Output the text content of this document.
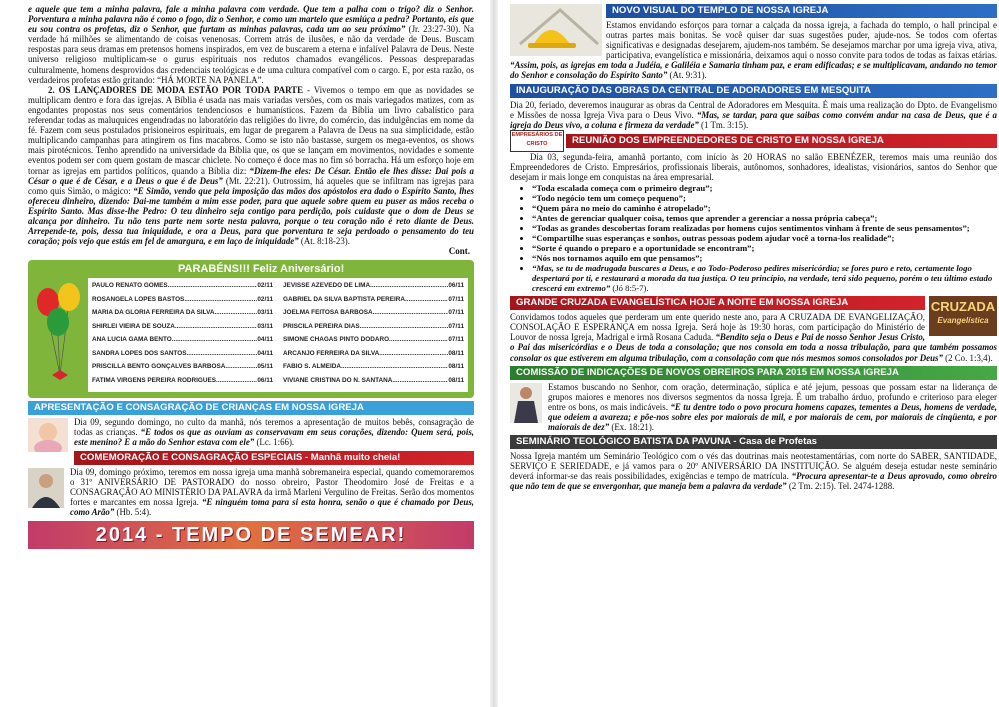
e aquele que tem a minha palavra, fale a minha palavra com verdade. Que tem a palha com o trigo? diz o Senhor. Porventura a minha palavra não é como o fogo, diz o Senhor, e como um martelo que esmiúça a pedra? Portanto, eis que eu sou contra os profetas, diz o Senhor, que furtam as minhas palavras, cada um ao seu próximo” (Jr. 23:27-30). Na verdade há milhões se alimentando de coisas venenosas. Correm atrás de ilusões, e não da verdade de Deus. Buscam respostas para seus dramas em pretensos homens inspirados, em vez de buscarem a eterna e infalível Palavra de Deus. Neste universo religioso multiplicam-se o gurus espirituais nos redutos chamados evangélicos. Pessoas despreparadas culturalmente, homens desprovidos das credenciais teológicas e de uma cultura compatível com o cargo. E, por esta razão, os verdadeiros profetas estão gritando: “HÁ MORTE NA PANELA”.
2. OS LANÇADORES DE MODA ESTÃO POR TODA PARTE - Vivemos o tempo em que as novidades se multiplicam dentro e fora das igrejas. A Bíblia é usada nas mais variadas versões, com os mais variegados matizes, com as engodantes propostas nos seus comentários tendenciosos e humanísticos. Fazem da Bíblia um livro cabalístico para referendar todas as maluquices engendradas no laboratório das religiões do livre, do comércio, das indulgências em nome da fé. Fazem com seus postulados prisioneiros espirituais, em lugar de pregarem a Palavra de Deus na sua simplicidade, estão multiplicando campanhas para atingirem os fins macabros. Como se isto não bastasse, surgem os mega-eventos, os shows mais pirotécnicos. Tenho aprendido na universidade da Bíblia que, os que se lançam em movimentos, novidades e somente eventos podem ser com quem gostam de mascar chiclete. No começo é doce mas no fim só borracha. Há um esforço hoje em tornar as igrejas em partidos políticos, quando a Bíblia diz: “Dizem-lhe eles: De César. Então ele lhes disse: Dai pois a César o que é de César, e a Deus o que é de Deus” (Mt. 22:21). Outrossim, há aqueles que se infiltram nas igrejas para como quis Simão, o mágico: “E Simão, vendo que pela imposição das mãos dos apóstolos era dado o Espírito Santo, lhes ofereceu dinheiro, dizendo: Dai-me também a mim esse poder, para que aquele sobre quem eu puser as mãos receba o Espírito Santo. Mas disse-lhe Pedro: O teu dinheiro seja contigo para perdição, pois cuidaste que o dom de Deus se alcança por dinheiro. Tu não tens parte nem sorte nesta palavra, porque o teu coração não é reto diante de Deus. Arrepende-te, pois, dessa tua iniquidade, e ora a Deus, para que porventura te seja perdoado o pensamento do teu coração; pois vejo que estás em fel de amargura, e em laço de iniquidade” (At. 8:18-23).
Cont.
PARABÉNS!!! Feliz Aniversário!
PAULO RENATO GOMES .....	02/11 JEVISSE AZEVEDO DE LIMA .....	06/11
ROSANGELA LOPES BASTOS .....	02/11 GABRIEL DA SILVA BAPTISTA PEREIRA .....	07/11
MARIA DA GLORIA FERREIRA DA SILVA .....	03/11 JOELMA FEITOSA BARBOSA .....	07/11
SHIRLEI VIEIRA DE SOUZA .....	03/11 PRISCILA PEREIRA DIAS .....	07/11
ANA LUCIA GAMA BENTO .....	04/11 SIMONE CHAGAS PINTO DODARO .....	07/11
SANDRA LOPES DOS SANTOS .....	04/11 ARCANJO FERREIRA DA SILVA .....	08/11
PRISCILLA BENTO GONÇALVES BARBOSA .....	05/11 FABIO S. ALMEIDA .....	08/11
FATIMA VIRGENS PEREIRA RODRIGUES .....	06/11 VIVIANE CRISTINA DO N. SANTANA .....	08/11
APRESENTAÇÃO E CONSAGRAÇÃO DE CRIANÇAS EM NOSSA IGREJA
Dia 09, segundo domingo, no culto da manhã, nós teremos a apresentação de muitos bebês, consagração de todas as crianças. “E todos os que as ouviam as conservavam em seus corações, dizendo: Quem será, pois, este menino? E a mão do Senhor estava com ele” (Lc. 1:66).
COMEMORAÇÃO E CONSAGRAÇÃO ESPECIAIS - Manhã muito cheia!
Dia 09, domingo próximo, teremos em nossa igreja uma manhã sobremaneira especial, quando comemoraremos o 31º ANIVERSÁRIO DE PASTORADO do nosso obreiro, Pastor Theodomiro José de Freitas e a CONSAGRAÇÃO AO MINISTÉRIO DA PALAVRA da irmã Marleni Vergulino de Freitas. Serão dos momentos fortes e marcantes em nossa Igreja. “E ninguém toma para si esta honra, senão o que é chamado por Deus, como Arão” (Hb. 5:4).
2014 - TEMPO DE SEMEAR!
NOVO VISUAL DO TEMPLO DE NOSSA IGREJA
Estamos envidando esforços para tornar a calçada da nossa igreja, a fachada do templo, o hall principal e outras partes mais bonitas. Se você quiser dar suas sugestões puder, ajude-nos. Se todos com ofertas significativas e designadas desejarem, ajudem-nos também. Se desejamos marchar por uma igreja viva, ativa, participativa, evangelística e missionária, deixamos aqui o nosso convite para todos de todas as faixas etárias. “Assim, pois, as igrejas em toda a Judéia, e Galiléia e Samaria tinham paz, e eram edificadas; e se multiplicavam, andando no temor do Senhor e consolação do Espírito Santo” (At. 9:31).
INAUGURAÇÃO DAS OBRAS DA CENTRAL DE ADORADORES EM MESQUITA
Dia 20, feriado, deveremos inaugurar as obras da Central de Adoradores em Mesquita. É mais uma realização do Dpto. de Evangelismo e Missões de nossa Igreja Viva para o Deus Vivo. “Mas, se tardar, para que saibas como convém andar na casa de Deus, que é a igreja do Deus vivo, a coluna e firmeza da verdade” (1 Tm. 3:15).
EMPRESÁRIOS DE CRISTO	REUNIÃO DOS EMPREENDEDORES DE CRISTO EM NOSSA IGREJA
Dia 03, segunda-feira, amanhã portanto, com início às 20 HORAS no salão EBENÉZER, teremos mais uma reunião dos Empreendedores de Cristo. Empresários, profissionais liberais, autônomos, sonhadores, idealistas, visionários, santos do Senhor que desejam ir mais longe em conquistas na área empresarial.
• “Toda escalada começa com o primeiro degrau”;
• “Todo negócio tem um começo pequeno”;
• “Quem pára no meio do caminho é atropelado”;
• “Antes de gerenciar qualquer coisa, temos que aprender a gerenciar a nossa própria cabeça”;
• “Todas as grandes descobertas foram realizadas por homens cujos sentimentos vinham à frente de seus pensamentos”;
• “Compartilhe suas esperanças e sonhos, outras pessoas podem ajudar você a torna-los realidade”;
• “Sorte é quando o preparo e a oportunidade se encontram”;
• “Nós nos tornamos aquilo em que pensamos”;
• “Mas, se tu de madrugada buscares a Deus, e ao Todo-Poderoso pedires misericórdia; se fores puro e reto, certamente logo despertará por ti, e restaurará a morada da tua justiça. O teu princípio, na verdade, terá sido pequeno, porém o teu último estado crescerá em extremo” (Jó 8:5-7).
CRUZADA
Evangelística
GRANDE CRUZADA EVANGELÍSTICA HOJE A NOITE EM NOSSA IGREJA
Convidamos todos aqueles que perderam um ente querido neste ano, para A CRUZADA DE EVANGELIZAÇÃO, CONSOLAÇÃO E ESPERANÇA em nossa Igreja. Será hoje às 19:30 horas, com participação do Ministério de Louvor de nossa Igreja, Madrigal e irmã Rosana Caduda. “Bendito seja o Deus e Pai de nosso Senhor Jesus Cristo, o Pai das misericórdias e o Deus de toda a consolação; que nos consola em toda a nossa tribulação, para que também possamos consolar os que estiverem em alguma tribulação, com a consolação com que nós mesmos somos consolados por Deus” (2 Co. 1:3,4).
COMISSÃO DE INDICAÇÕES DE NOVOS OBREIROS PARA 2015 EM NOSSA IGREJA
Estamos buscando no Senhor, com oração, determinação, súplica e até jejum, pessoas que possam estar na liderança de grupos maiores e menores nos diversos segmentos da nossa Igreja. É um trabalho árduo, profundo e criterioso para eleger entre os bons, os mais indicáveis. “E tu dentre todo o povo procura homens capazes, tementes a Deus, homens de verdade, que odeiem a avareza; e põe-nos sobre eles por maiorais de mil, e por maiorais de cem, por maiorais de cinqüenta, e por maiorais de dez” (Ex. 18:21).
SEMINÁRIO TEOLÓGICO BATISTA DA PAVUNA - Casa de Profetas
Nossa Igreja mantém um Seminário Teológico com o vés das doutrinas mais neotestamentárias, com norte do SABER, SANTIDADE, SERVIÇO E SERIEDADE, e já vamos para o 20º ANIVERSÁRIO DA INSTITUIÇÃO. Se alguém deseja estudar neste seminário deverá informar-se das reais possibilidades, exigências e tempo de matrícula. “Procura apresentar-te a Deus aprovado, como obreiro que não tem de que se envergonhar, que maneja bem a palavra da verdade” (2 Tm. 2:15). Tel. 2474-1288.
